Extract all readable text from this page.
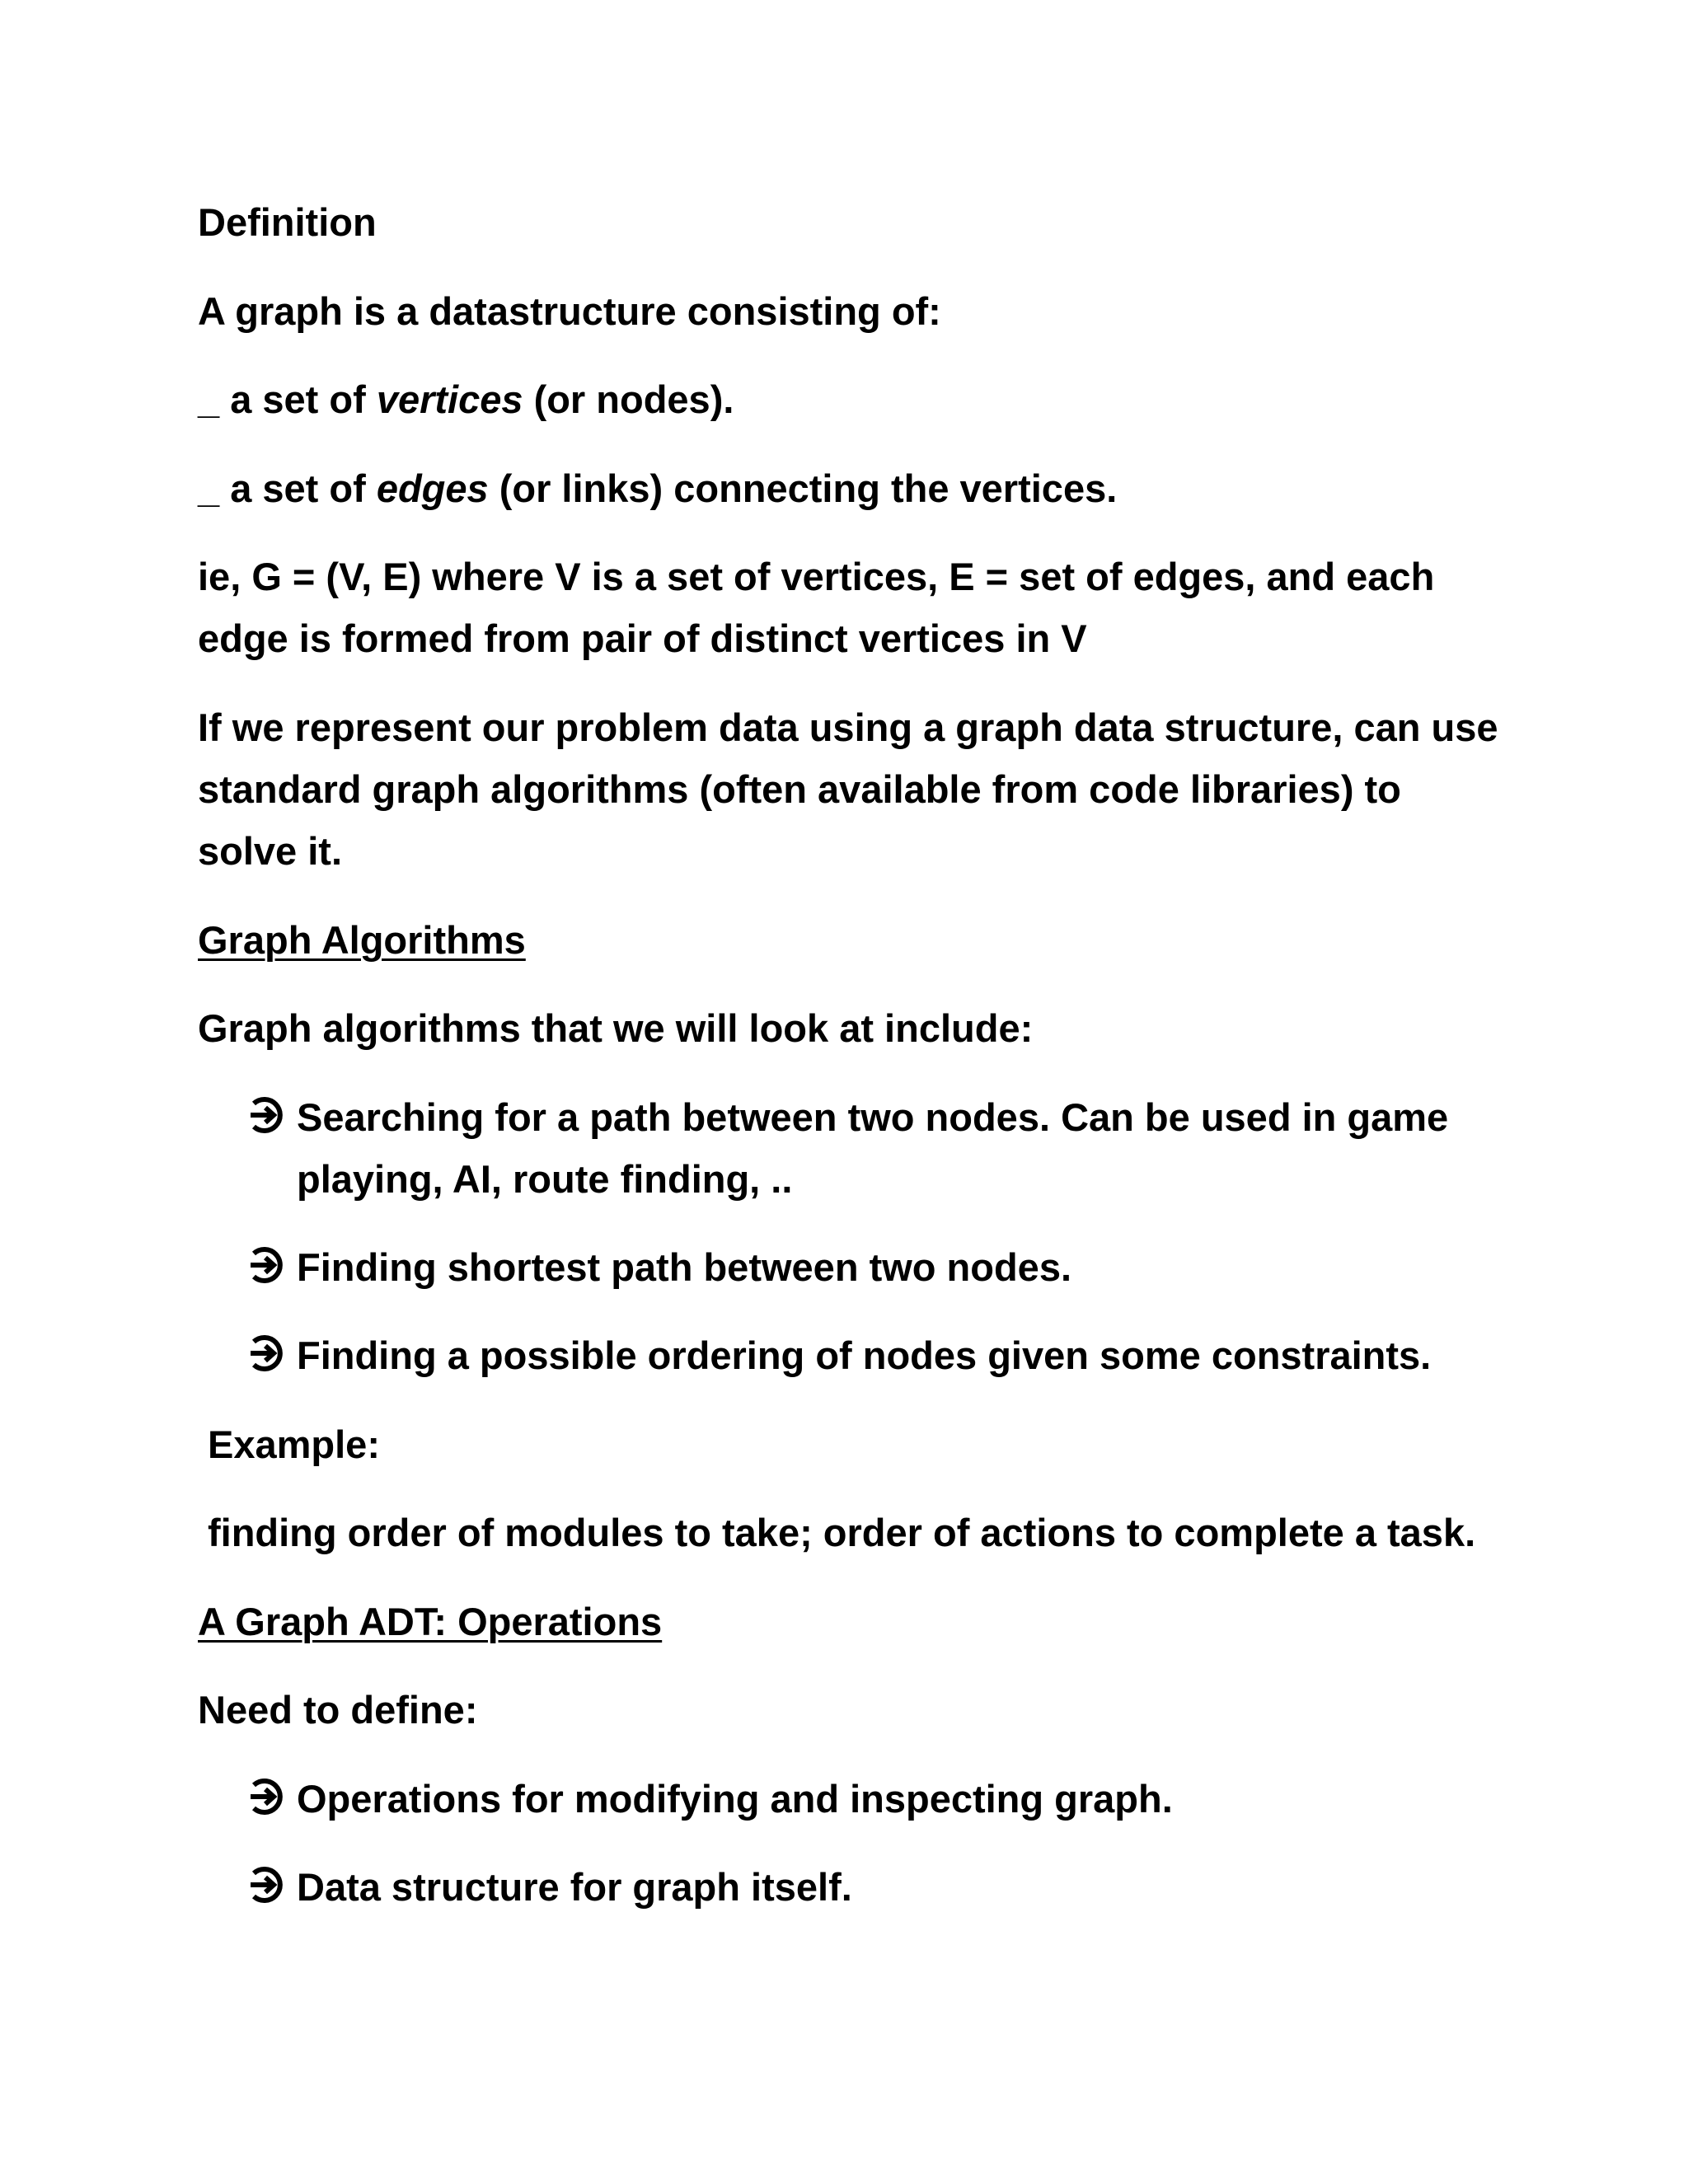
Definition

A graph is a datastructure consisting of:

_ a set of vertices (or nodes).

_ a set of edges (or links) connecting the vertices.

ie, G = (V, E) where V is a set of vertices, E = set of edges, and each edge is formed from pair of distinct vertices in V

If we represent our problem data using a graph data structure, can use standard graph algorithms (often available from code libraries) to solve it.

Graph Algorithms

Graph algorithms that we will look at include:

Searching for a path between two nodes. Can be used in game playing, AI, route finding, ..
Finding shortest path between two nodes.
Finding a possible ordering of nodes given some constraints.

Example:

finding order of modules to take; order of actions to complete a task.

A Graph ADT: Operations

Need to define:

Operations for modifying and inspecting graph.
Data structure for graph itself.
